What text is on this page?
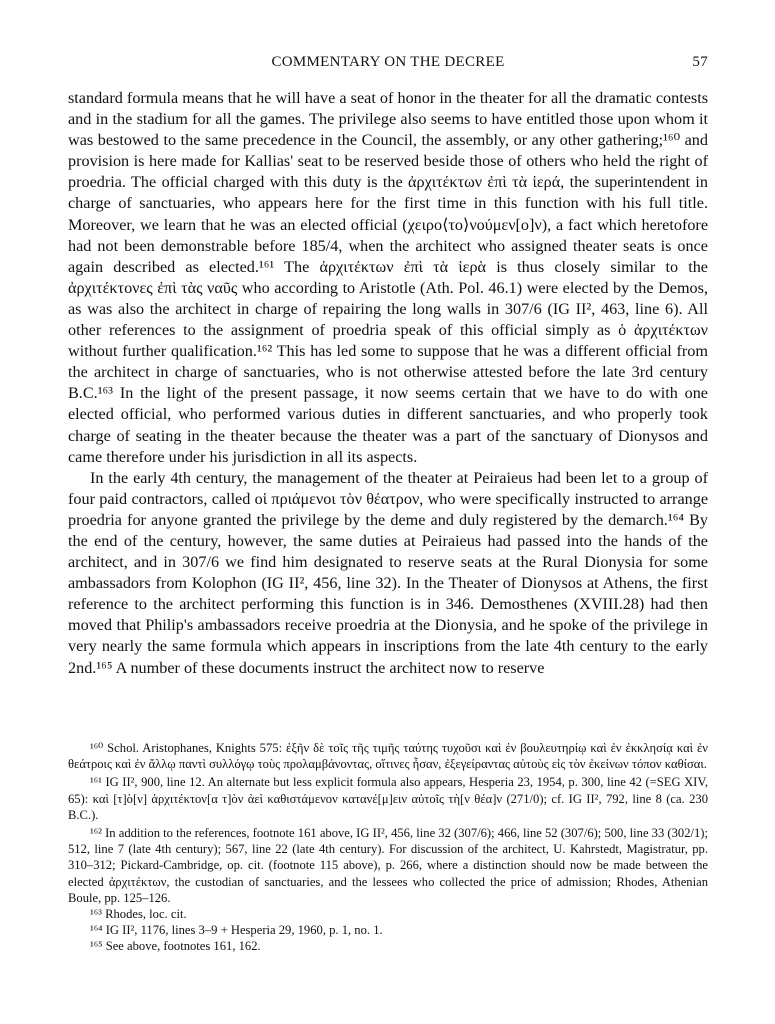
COMMENTARY ON THE DECREE	57

standard formula means that he will have a seat of honor in the theater for all the dramatic contests and in the stadium for all the games. The privilege also seems to have entitled those upon whom it was bestowed to the same precedence in the Council, the assembly, or any other gathering;¹⁶⁰ and provision is here made for Kallias' seat to be reserved beside those of others who held the right of proedria. The official charged with this duty is the ἀρχιτέκτων ἐπὶ τὰ ἱερά, the superintendent in charge of sanctuaries, who appears here for the first time in this function with his full title. Moreover, we learn that he was an elected official (χειρο⟨το⟩νούμεν[ο]ν), a fact which heretofore had not been demonstrable before 185/4, when the architect who assigned theater seats is once again described as elected.¹⁶¹ The ἀρχιτέκτων ἐπὶ τὰ ἱερὰ is thus closely similar to the ἀρχιτέκτονες ἐπὶ τὰς ναῦς who according to Aristotle (Ath. Pol. 46.1) were elected by the Demos, as was also the architect in charge of repairing the long walls in 307/6 (IG II², 463, line 6). All other references to the assignment of proedria speak of this official simply as ὁ ἀρχιτέκτων without further qualification.¹⁶² This has led some to suppose that he was a different official from the architect in charge of sanctuaries, who is not otherwise attested before the late 3rd century B.C.¹⁶³ In the light of the present passage, it now seems certain that we have to do with one elected official, who performed various duties in different sanctuaries, and who properly took charge of seating in the theater because the theater was a part of the sanctuary of Dionysos and came therefore under his jurisdiction in all its aspects.

In the early 4th century, the management of the theater at Peiraieus had been let to a group of four paid contractors, called οἱ πριάμενοι τὸν θέατρον, who were specifically instructed to arrange proedria for anyone granted the privilege by the deme and duly registered by the demarch.¹⁶⁴ By the end of the century, however, the same duties at Peiraieus had passed into the hands of the architect, and in 307/6 we find him designated to reserve seats at the Rural Dionysia for some ambassadors from Kolophon (IG II², 456, line 32). In the Theater of Dionysos at Athens, the first reference to the architect performing this function is in 346. Demosthenes (XVIII.28) had then moved that Philip's ambassadors receive proedria at the Dionysia, and he spoke of the privilege in very nearly the same formula which appears in inscriptions from the late 4th century to the early 2nd.¹⁶⁵ A number of these documents instruct the architect now to reserve

¹⁶⁰ Schol. Aristophanes, Knights 575: ἐξῆν δὲ τοῖς τῆς τιμῆς ταύτης τυχοῦσι καὶ ἐν βουλευτηρίῳ καὶ ἐν ἐκκλησίᾳ καὶ ἐν θεάτροις καὶ ἐν ἄλλῳ παντὶ συλλόγῳ τοὺς προλαμβάνοντας, οἵτινες ἦσαν, ἐξεγείραντας αὐτοὺς εἰς τὸν ἐκείνων τόπον καθίσαι.

¹⁶¹ IG II², 900, line 12. An alternate but less explicit formula also appears, Hesperia 23, 1954, p. 300, line 42 (=SEG XIV, 65): καὶ [τ]ὸ[ν] ἀρχιτέκτον[α τ]ὸν ἀεὶ καθιστάμενον κατανέ[μ]ειν αὐτοῖς τὴ[ν θέα]ν (271/0); cf. IG II², 792, line 8 (ca. 230 B.C.).

¹⁶² In addition to the references, footnote 161 above, IG II², 456, line 32 (307/6); 466, line 52 (307/6); 500, line 33 (302/1); 512, line 7 (late 4th century); 567, line 22 (late 4th century). For discussion of the architect, U. Kahrstedt, Magistratur, pp. 310–312; Pickard-Cambridge, op. cit. (footnote 115 above), p. 266, where a distinction should now be made between the elected ἀρχιτέκτων, the custodian of sanctuaries, and the lessees who collected the price of admission; Rhodes, Athenian Boule, pp. 125–126.

¹⁶³ Rhodes, loc. cit.

¹⁶⁴ IG II², 1176, lines 3–9 + Hesperia 29, 1960, p. 1, no. 1.

¹⁶⁵ See above, footnotes 161, 162.
